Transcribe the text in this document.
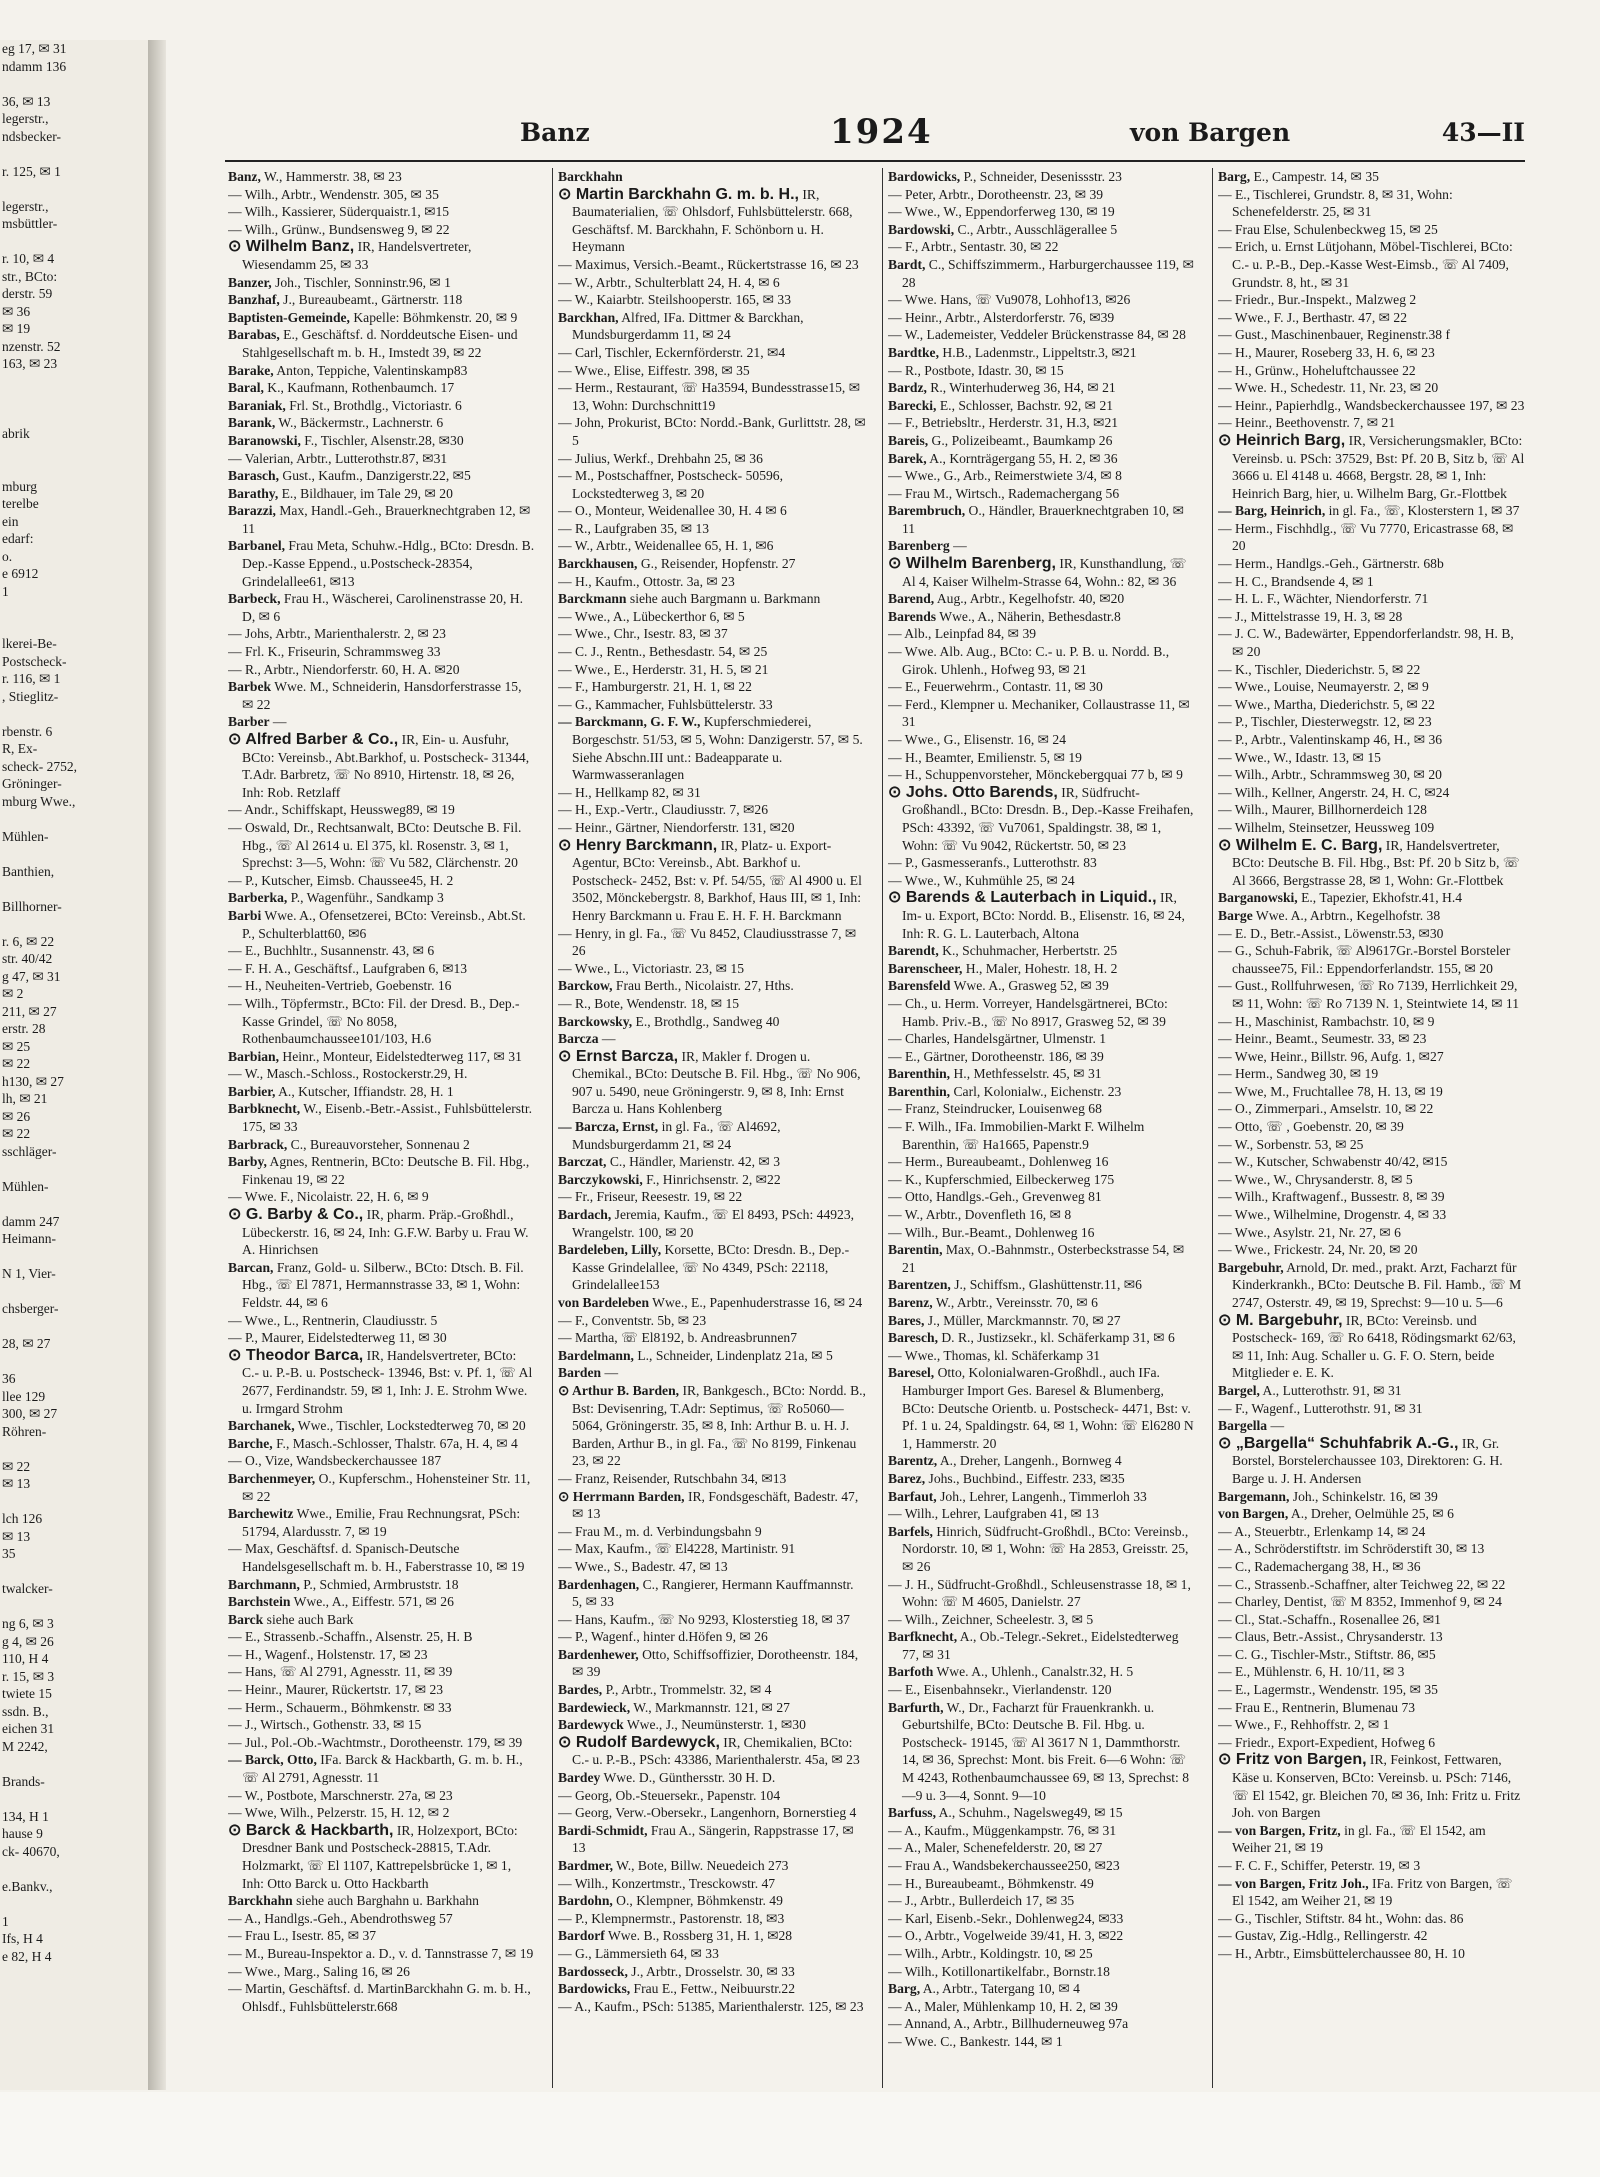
eg 17, ✉ 31
ndamm 136

36, ✉ 13
legerstr.,
ndsbecker-

r. 125, ✉ 1

legerstr.,
msbüttler-

r. 10, ✉ 4
str., BCto:
derstr. 59
✉ 36
✉ 19
nzenstr. 52
163, ✉ 23

abrik

mburg
terelbe
ein
edarf:
o.
e 6912
1

lkerei-Be-
Postscheck-
r. 116, ✉ 1
, Stieglitz-

rbenstr. 6
R, Ex-
scheck- 2752,
Gröninger-
mburg Wwe.,

Mühlen-

Banthien,

Billhorner-

r. 6, ✉ 22
str. 40/42
g 47, ✉ 31
✉ 2
211, ✉ 27
erstr. 28
✉ 25
✉ 22
h130, ✉ 27
lh, ✉ 21
✉ 26
✉ 22
sschläger-

Mühlen-

damm 247
Heimann-

N 1, Vier-

chsberger-

28, ✉ 27

36
llee 129
300, ✉ 27
Röhren-

✉ 22
✉ 13

lch 126
✉ 13
35

twalcker-

ng 6, ✉ 3
g 4, ✉ 26
110, H 4
r. 15, ✉ 3
twiete 15
ssdn. B.,
eichen 31
M 2242,

Brands-

134, H 1
hause 9
ck- 40670,

e.Bankv.,

1
Ifs, H 4
e 82, H 4
Banz	1924	von Bargen	43—II

Banz, W., Hammerstr. 38, ✉ 23

— Wilh., Arbtr., Wendenstr. 305, ✉ 35

— Wilh., Kassierer, Süderquaistr.1, ✉15

— Wilh., Grünw., Bundsensweg 9, ✉ 22

⊙ Wilhelm Banz, IR, Handelsvertreter, Wiesendamm 25, ✉ 33

Banzer, Joh., Tischler, Sonninstr.96, ✉ 1

Banzhaf, J., Bureaubeamt., Gärtnerstr. 118

Baptisten-Gemeinde, Kapelle: Böhmkenstr. 20, ✉ 9

Barabas, E., Geschäftsf. d. Norddeutsche Eisen- und Stahlgesellschaft m. b. H., Imstedt 39, ✉ 22

Barake, Anton, Teppiche, Valentinskamp83

Baral, K., Kaufmann, Rothenbaumch. 17

Baraniak, Frl. St., Brothdlg., Victoriastr. 6

Barank, W., Bäckermstr., Lachnerstr. 6

Baranowski, F., Tischler, Alsenstr.28, ✉30

— Valerian, Arbtr., Lutterothstr.87, ✉31

Barasch, Gust., Kaufm., Danzigerstr.22, ✉5

Barathy, E., Bildhauer, im Tale 29, ✉ 20

Barazzi, Max, Handl.-Geh., Brauerknechtgraben 12, ✉ 11

Barbanel, Frau Meta, Schuhw.-Hdlg., BCto: Dresdn. B. Dep.-Kasse Eppend., u.Postscheck-28354, Grindelallee61, ✉13

Barbeck, Frau H., Wäscherei, Carolinenstrasse 20, H. D, ✉ 6

— Johs, Arbtr., Marienthalerstr. 2, ✉ 23

— Frl. K., Friseurin, Schrammsweg 33

— R., Arbtr., Niendorferstr. 60, H. A. ✉20

Barbek Wwe. M., Schneiderin, Hansdorferstrasse 15, ✉ 22

Barber —

⊙ Alfred Barber & Co., IR, Ein- u. Ausfuhr, BCto: Vereinsb., Abt.Barkhof, u. Postscheck- 31344, T.Adr. Barbretz, ☏ No 8910, Hirtenstr. 18, ✉ 26, Inh: Rob. Retzlaff

— Andr., Schiffskapt, Heussweg89, ✉ 19

— Oswald, Dr., Rechtsanwalt, BCto: Deutsche B. Fil. Hbg., ☏ Al 2614 u. El 375, kl. Rosenstr. 3, ✉ 1, Sprechst: 3—5, Wohn: ☏ Vu 582, Clärchenstr. 20

— P., Kutscher, Eimsb. Chaussee45, H. 2

Barberka, P., Wagenführ., Sandkamp 3

Barbi Wwe. A., Ofensetzerei, BCto: Vereinsb., Abt.St. P., Schulterblatt60, ✉6

— E., Buchhltr., Susannenstr. 43, ✉ 6

— F. H. A., Geschäftsf., Laufgraben 6, ✉13

— H., Neuheiten-Vertrieb, Goebenstr. 16

— Wilh., Töpfermstr., BCto: Fil. der Dresd. B., Dep.-Kasse Grindel, ☏ No 8058, Rothenbaumchaussee101/103, H.6

Barbian, Heinr., Monteur, Eidelstedterweg 117, ✉ 31

— W., Masch.-Schloss., Rostockerstr.29, H.

Barbier, A., Kutscher, Iffiandstr. 28, H. 1

Barbknecht, W., Eisenb.-Betr.-Assist., Fuhlsbüttelerstr. 175, ✉ 33

Barbrack, C., Bureauvorsteher, Sonnenau 2

Barby, Agnes, Rentnerin, BCto: Deutsche B. Fil. Hbg., Finkenau 19, ✉ 22

— Wwe. F., Nicolaistr. 22, H. 6, ✉ 9

⊙ G. Barby & Co., IR, pharm. Präp.-Großhdl., Lübeckerstr. 16, ✉ 24, Inh: G.F.W. Barby u. Frau W. A. Hinrichsen

Barcan, Franz, Gold- u. Silberw., BCto: Dtsch. B. Fil. Hbg., ☏ El 7871, Hermannstrasse 33, ✉ 1, Wohn: Feldstr. 44, ✉ 6

— Wwe., L., Rentnerin, Claudiusstr. 5

— P., Maurer, Eidelstedterweg 11, ✉ 30

⊙ Theodor Barca, IR, Handelsvertreter, BCto: C.- u. P.-B. u. Postscheck- 13946, Bst: v. Pf. 1, ☏ Al 2677, Ferdinandstr. 59, ✉ 1, Inh: J. E. Strohm Wwe. u. Irmgard Strohm

Barchanek, Wwe., Tischler, Lockstedterweg 70, ✉ 20

Barche, F., Masch.-Schlosser, Thalstr. 67a, H. 4, ✉ 4

— O., Vize, Wandsbeckerchaussee 187

Barchenmeyer, O., Kupferschm., Hohensteiner Str. 11, ✉ 22

Barchewitz Wwe., Emilie, Frau Rechnungsrat, PSch: 51794, Alardusstr. 7, ✉ 19

— Max, Geschäftsf. d. Spanisch-Deutsche Handelsgesellschaft m. b. H., Faberstrasse 10, ✉ 19

Barchmann, P., Schmied, Armbruststr. 18

Barchstein Wwe., A., Eiffestr. 571, ✉ 26

Barck siehe auch Bark

— E., Strassenb.-Schaffn., Alsenstr. 25, H. B

— H., Wagenf., Holstenstr. 17, ✉ 23

— Hans, ☏ Al 2791, Agnesstr. 11, ✉ 39

— Heinr., Maurer, Rückertstr. 17, ✉ 23

— Herm., Schauerm., Böhmkenstr. ✉ 33

— J., Wirtsch., Gothenstr. 33, ✉ 15

— Jul., Pol.-Ob.-Wachtmstr., Dorotheenstr. 179, ✉ 39

— Barck, Otto, IFa. Barck & Hackbarth, G. m. b. H., ☏ Al 2791, Agnesstr. 11

— W., Postbote, Marschnerstr. 27a, ✉ 23

— Wwe, Wilh., Pelzerstr. 15, H. 12, ✉ 2

⊙ Barck & Hackbarth, IR, Holzexport, BCto: Dresdner Bank und Postscheck-28815, T.Adr. Holzmarkt, ☏ El 1107, Kattrepelsbrücke 1, ✉ 1, Inh: Otto Barck u. Otto Hackbarth

Barckhahn siehe auch Barghahn u. Barkhahn

— A., Handlgs.-Geh., Abendrothsweg 57

— Frau L., Isestr. 85, ✉ 37

— M., Bureau-Inspektor a. D., v. d. Tannstrasse 7, ✉ 19

— Wwe., Marg., Saling 16, ✉ 26

— Martin, Geschäftsf. d. MartinBarckhahn G. m. b. H., Ohlsdf., Fuhlsbüttelerstr.668

Barckhahn

⊙ Martin Barckhahn G. m. b. H., IR, Baumaterialien, ☏ Ohlsdorf, Fuhlsbüttelerstr. 668, Geschäftsf. M. Barckhahn, F. Schönborn u. H. Heymann

— Maximus, Versich.-Beamt., Rückertstrasse 16, ✉ 23

— W., Arbtr., Schulterblatt 24, H. 4, ✉ 6

— W., Kaiarbtr. Steilshooperstr. 165, ✉ 33

Barckhan, Alfred, IFa. Dittmer & Barckhan, Mundsburgerdamm 11, ✉ 24

— Carl, Tischler, Eckernförderstr. 21, ✉4

— Wwe., Elise, Eiffestr. 398, ✉ 35

— Herm., Restaurant, ☏ Ha3594, Bundesstrasse15, ✉13, Wohn: Durchschnitt19

— John, Prokurist, BCto: Nordd.-Bank, Gurlittstr. 28, ✉ 5

— Julius, Werkf., Drehbahn 25, ✉ 36

— M., Postschaffner, Postscheck- 50596, Lockstedterweg 3, ✉ 20

— O., Monteur, Weidenallee 30, H. 4 ✉ 6

— R., Laufgraben 35, ✉ 13

— W., Arbtr., Weidenallee 65, H. 1, ✉6

Barckhausen, G., Reisender, Hopfenstr. 27

— H., Kaufm., Ottostr. 3a, ✉ 23

Barckmann siehe auch Bargmann u. Barkmann

— Wwe., A., Lübeckerthor 6, ✉ 5

— Wwe., Chr., Isestr. 83, ✉ 37

— C. J., Rentn., Bethesdastr. 54, ✉ 25

— Wwe., E., Herderstr. 31, H. 5, ✉ 21

— F., Hamburgerstr. 21, H. 1, ✉ 22

— G., Kammacher, Fuhlsbüttelerstr. 33

— Barckmann, G. F. W., Kupferschmiederei, Borgeschstr. 51/53, ✉ 5, Wohn: Danzigerstr. 57, ✉ 5. Siehe Abschn.III unt.: Badeapparate u. Warmwasseranlagen

— H., Hellkamp 82, ✉ 31

— H., Exp.-Vertr., Claudiusstr. 7, ✉26

— Heinr., Gärtner, Niendorferstr. 131, ✉20

⊙ Henry Barckmann, IR, Platz- u. Export-Agentur, BCto: Vereinsb., Abt. Barkhof u. Postscheck- 2452, Bst: v. Pf. 54/55, ☏ Al 4900 u. El 3502, Mönckebergstr. 8, Barkhof, Haus III, ✉ 1, Inh: Henry Barckmann u. Frau E. H. F. H. Barckmann

— Henry, in gl. Fa., ☏ Vu 8452, Claudiusstrasse 7, ✉ 26

— Wwe., L., Victoriastr. 23, ✉ 15

Barckow, Frau Berth., Nicolaistr. 27, Hths.

— R., Bote, Wendenstr. 18, ✉ 15

Barckowsky, E., Brothdlg., Sandweg 40

Barcza —

⊙ Ernst Barcza, IR, Makler f. Drogen u. Chemikal., BCto: Deutsche B. Fil. Hbg., ☏ No 906, 907 u. 5490, neue Gröningerstr. 9, ✉ 8, Inh: Ernst Barcza u. Hans Kohlenberg

— Barcza, Ernst, in gl. Fa., ☏ Al4692, Mundsburgerdamm 21, ✉ 24

Barczat, C., Händler, Marienstr. 42, ✉ 3

Barczykowski, F., Hinrichsenstr. 2, ✉22

— Fr., Friseur, Reesestr. 19, ✉ 22

Bardach, Jeremia, Kaufm., ☏ El 8493, PSch: 44923, Wrangelstr. 100, ✉ 20

Bardeleben, Lilly, Korsette, BCto: Dresdn. B., Dep.-Kasse Grindelallee, ☏ No 4349, PSch: 22118, Grindelallee153

von Bardeleben Wwe., E., Papenhuderstrasse 16, ✉ 24

— F., Conventstr. 5b, ✉ 23

— Martha, ☏ El8192, b. Andreasbrunnen7

Bardelmann, L., Schneider, Lindenplatz 21a, ✉ 5

Barden —

⊙ Arthur B. Barden, IR, Bankgesch., BCto: Nordd. B., Bst: Devisenring, T.Adr: Septimus, ☏ Ro5060—5064, Gröningerstr. 35, ✉ 8, Inh: Arthur B. u. H. J. Barden, Arthur B., in gl. Fa., ☏ No 8199, Finkenau 23, ✉ 22

— Franz, Reisender, Rutschbahn 34, ✉13

⊙ Herrmann Barden, IR, Fondsgeschäft, Badestr. 47, ✉ 13

— Frau M., m. d. Verbindungsbahn 9

— Max, Kaufm., ☏ El4228, Martinistr. 91

— Wwe., S., Badestr. 47, ✉ 13

Bardenhagen, C., Rangierer, Hermann Kauffmannstr. 5, ✉ 33

— Hans, Kaufm., ☏ No 9293, Klosterstieg 18, ✉ 37

— P., Wagenf., hinter d.Höfen 9, ✉ 26

Bardenhewer, Otto, Schiffsoffizier, Dorotheenstr. 184, ✉ 39

Bardes, P., Arbtr., Trommelstr. 32, ✉ 4

Bardewieck, W., Markmannstr. 121, ✉ 27

Bardewyck Wwe., J., Neumünsterstr. 1, ✉30

⊙ Rudolf Bardewyck, IR, Chemikalien, BCto: C.- u. P.-B., PSch: 43386, Marienthalerstr. 45a, ✉ 23

Bardey Wwe. D., Günthersstr. 30 H. D.

— Georg, Ob.-Steuersekr., Papenstr. 104

— Georg, Verw.-Obersekr., Langenhorn, Bornerstieg 4

Bardi-Schmidt, Frau A., Sängerin, Rappstrasse 17, ✉ 13

Bardmer, W., Bote, Billw. Neuedeich 273

— Wilh., Konzertmstr., Tresckowstr. 47

Bardohn, O., Klempner, Böhmkenstr. 49

— P., Klempnermstr., Pastorenstr. 18, ✉3

Bardorf Wwe. B., Rossberg 31, H. 1, ✉28

— G., Lämmersieth 64, ✉ 33

Bardosseck, J., Arbtr., Drosselstr. 30, ✉ 33

Bardowicks, Frau E., Fettw., Neibuurstr.22

— A., Kaufm., PSch: 51385, Marienthalerstr. 125, ✉ 23

Bardowicks, P., Schneider, Desenissstr. 23

— Peter, Arbtr., Dorotheenstr. 23, ✉ 39

— Wwe., W., Eppendorferweg 130, ✉ 19

Bardowski, C., Arbtr., Ausschlägerallee 5

— F., Arbtr., Sentastr. 30, ✉ 22

Bardt, C., Schiffszimmerm., Harburgerchaussee 119, ✉ 28

— Wwe. Hans, ☏ Vu9078, Lohhof13, ✉26

— Heinr., Arbtr., Alsterdorferstr. 76, ✉39

— W., Lademeister, Veddeler Brückenstrasse 84, ✉ 28

Bardtke, H.B., Ladenmstr., Lippeltstr.3, ✉21

— R., Postbote, Idastr. 30, ✉ 15

Bardz, R., Winterhuderweg 36, H4, ✉ 21

Barecki, E., Schlosser, Bachstr. 92, ✉ 21

— F., Betriebsltr., Herderstr. 31, H.3, ✉21

Bareis, G., Polizeibeamt., Baumkamp 26

Barek, A., Kornträgergang 55, H. 2, ✉ 36

— Wwe., G., Arb., Reimerstwiete 3/4, ✉ 8

— Frau M., Wirtsch., Rademachergang 56

Barembruch, O., Händler, Brauerknechtgraben 10, ✉ 11

Barenberg —

⊙ Wilhelm Barenberg, IR, Kunsthandlung, ☏ Al 4, Kaiser Wilhelm-Strasse 64, Wohn.: 82, ✉ 36

Barend, Aug., Arbtr., Kegelhofstr. 40, ✉20

Barends Wwe., A., Näherin, Bethesdastr.8

— Alb., Leinpfad 84, ✉ 39

— Wwe. Alb. Aug., BCto: C.- u. P. B. u. Nordd. B., Girok. Uhlenh., Hofweg 93, ✉ 21

— E., Feuerwehrm., Contastr. 11, ✉ 30

— Ferd., Klempner u. Mechaniker, Collaustrasse 11, ✉ 31

— Wwe., G., Elisenstr. 16, ✉ 24

— H., Beamter, Emilienstr. 5, ✉ 19

— H., Schuppenvorsteher, Mönckebergquai 77 b, ✉ 9

⊙ Johs. Otto Barends, IR, Südfrucht-Großhandl., BCto: Dresdn. B., Dep.-Kasse Freihafen, PSch: 43392, ☏ Vu7061, Spaldingstr. 38, ✉ 1, Wohn: ☏ Vu 9042, Rückertstr. 50, ✉ 23

— P., Gasmesseranfs., Lutterothstr. 83

— Wwe., W., Kuhmühle 25, ✉ 24

⊙ Barends & Lauterbach in Liquid., IR, Im- u. Export, BCto: Nordd. B., Elisenstr. 16, ✉ 24, Inh: R. G. L. Lauterbach, Altona

Barendt, K., Schuhmacher, Herbertstr. 25

Barenscheer, H., Maler, Hohestr. 18, H. 2

Barensfeld Wwe. A., Grasweg 52, ✉ 39

— Ch., u. Herm. Vorreyer, Handelsgärtnerei, BCto: Hamb. Priv.-B., ☏ No 8917, Grasweg 52, ✉ 39

— Charles, Handelsgärtner, Ulmenstr. 1

— E., Gärtner, Dorotheenstr. 186, ✉ 39

Barenthin, H., Methfesselstr. 45, ✉ 31

Barenthin, Carl, Kolonialw., Eichenstr. 23

— Franz, Steindrucker, Louisenweg 68

— F. Wilh., IFa. Immobilien-Markt F. Wilhelm Barenthin, ☏ Ha1665, Papenstr.9

— Herm., Bureaubeamt., Dohlenweg 16

— K., Kupferschmied, Eilbeckerweg 175

— Otto, Handlgs.-Geh., Grevenweg 81

— W., Arbtr., Dovenfleth 16, ✉ 8

— Wilh., Bur.-Beamt., Dohlenweg 16

Barentin, Max, O.-Bahnmstr., Osterbeckstrasse 54, ✉ 21

Barentzen, J., Schiffsm., Glashüttenstr.11, ✉6

Barenz, W., Arbtr., Vereinsstr. 70, ✉ 6

Bares, J., Müller, Marckmannstr. 70, ✉ 27

Baresch, D. R., Justizsekr., kl. Schäferkamp 31, ✉ 6

— Wwe., Thomas, kl. Schäferkamp 31

Baresel, Otto, Kolonialwaren-Großhdl., auch IFa. Hamburger Import Ges. Baresel & Blumenberg, BCto: Deutsche Orientb. u. Postscheck- 4471, Bst: v. Pf. 1 u. 24, Spaldingstr. 64, ✉ 1, Wohn: ☏ El6280 N 1, Hammerstr. 20

Barentz, A., Dreher, Langenh., Bornweg 4

Barez, Johs., Buchbind., Eiffestr. 233, ✉35

Barfaut, Joh., Lehrer, Langenh., Timmerloh 33

— Wilh., Lehrer, Laufgraben 41, ✉ 13

Barfels, Hinrich, Südfrucht-Großhdl., BCto: Vereinsb., Nordorstr. 10, ✉ 1, Wohn: ☏ Ha 2853, Greisstr. 25, ✉ 26

— J. H., Südfrucht-Großhdl., Schleusenstrasse 18, ✉ 1, Wohn: ☏ M 4605, Danielstr. 27

— Wilh., Zeichner, Scheelestr. 3, ✉ 5

Barfknecht, A., Ob.-Telegr.-Sekret., Eidelstedterweg 77, ✉ 31

Barfoth Wwe. A., Uhlenh., Canalstr.32, H. 5

— E., Eisenbahnsekr., Vierlandenstr. 120

Barfurth, W., Dr., Facharzt für Frauenkrankh. u. Geburtshilfe, BCto: Deutsche B. Fil. Hbg. u. Postscheck- 19145, ☏ Al 3617 N 1, Dammthorstr. 14, ✉ 36, Sprechst: Mont. bis Freit. 6—6 Wohn: ☏ M 4243, Rothenbaumchaussee 69, ✉ 13, Sprechst: 8—9 u. 3—4, Sonnt. 9—10

Barfuss, A., Schuhm., Nagelsweg49, ✉ 15

— A., Kaufm., Müggenkampstr. 76, ✉ 31

— A., Maler, Schenefelderstr. 20, ✉ 27

— Frau A., Wandsbekerchaussee250, ✉23

— H., Bureaubeamt., Böhmkenstr. 49

— J., Arbtr., Bullerdeich 17, ✉ 35

— Karl, Eisenb.-Sekr., Dohlenweg24, ✉33

— O., Arbtr., Vogelweide 39/41, H. 3, ✉22

— Wilh., Arbtr., Koldingstr. 10, ✉ 25

— Wilh., Kotillonartikelfabr., Bornstr.18

Barg, A., Arbtr., Tatergang 10, ✉ 4

— A., Maler, Mühlenkamp 10, H. 2, ✉ 39

— Annand, A., Arbtr., Billhuderneuweg 97a

— Wwe. C., Bankestr. 144, ✉ 1

Barg, E., Campestr. 14, ✉ 35

— E., Tischlerei, Grundstr. 8, ✉ 31, Wohn: Schenefelderstr. 25, ✉ 31

— Frau Else, Schulenbeckweg 15, ✉ 25

— Erich, u. Ernst Lütjohann, Möbel-Tischlerei, BCto: C.- u. P.-B., Dep.-Kasse West-Eimsb., ☏ Al 7409, Grundstr. 8, ht., ✉ 31

— Friedr., Bur.-Inspekt., Malzweg 2

— Wwe., F. J., Berthastr. 47, ✉ 22

— Gust., Maschinenbauer, Reginenstr.38 f

— H., Maurer, Roseberg 33, H. 6, ✉ 23

— H., Grünw., Hoheluftchaussee 22

— Wwe. H., Schedestr. 11, Nr. 23, ✉ 20

— Heinr., Papierhdlg., Wandsbeckerchaussee 197, ✉ 23

— Heinr., Beethovenstr. 7, ✉ 21

⊙ Heinrich Barg, IR, Versicherungsmakler, BCto: Vereinsb. u. PSch: 37529, Bst: Pf. 20 B, Sitz b, ☏ Al 3666 u. El 4148 u. 4668, Bergstr. 28, ✉ 1, Inh: Heinrich Barg, hier, u. Wilhelm Barg, Gr.-Flottbek

— Barg, Heinrich, in gl. Fa., ☏, Klosterstern 1, ✉ 37

— Herm., Fischhdlg., ☏ Vu 7770, Ericastrasse 68, ✉ 20

— Herm., Handlgs.-Geh., Gärtnerstr. 68b

— H. C., Brandsende 4, ✉ 1

— H. L. F., Wächter, Niendorferstr. 71

— J., Mittelstrasse 19, H. 3, ✉ 28

— J. C. W., Badewärter, Eppendorferlandstr. 98, H. B, ✉ 20

— K., Tischler, Diederichstr. 5, ✉ 22

— Wwe., Louise, Neumayerstr. 2, ✉ 9

— Wwe., Martha, Diederichstr. 5, ✉ 22

— P., Tischler, Diesterwegstr. 12, ✉ 23

— P., Arbtr., Valentinskamp 46, H., ✉ 36

— Wwe., W., Idastr. 13, ✉ 15

— Wilh., Arbtr., Schrammsweg 30, ✉ 20

— Wilh., Kellner, Angerstr. 24, H. C, ✉24

— Wilh., Maurer, Billhornerdeich 128

— Wilhelm, Steinsetzer, Heussweg 109

⊙ Wilhelm E. C. Barg, IR, Handelsvertreter, BCto: Deutsche B. Fil. Hbg., Bst: Pf. 20 b Sitz b, ☏ Al 3666, Bergstrasse 28, ✉ 1, Wohn: Gr.-Flottbek

Barganowski, E., Tapezier, Ekhofstr.41, H.4

Barge Wwe. A., Arbtrn., Kegelhofstr. 38

— E. D., Betr.-Assist., Löwenstr.53, ✉30

— G., Schuh-Fabrik, ☏ Al9617Gr.-Borstel Borsteler chaussee75, Fil.: Eppendorferlandstr. 155, ✉ 20

— Gust., Rollfuhrwesen, ☏ Ro 7139, Herrlichkeit 29, ✉ 11, Wohn: ☏ Ro 7139 N. 1, Steintwiete 14, ✉ 11

— H., Maschinist, Rambachstr. 10, ✉ 9

— Heinr., Beamt., Seumestr. 33, ✉ 23

— Wwe, Heinr., Billstr. 96, Aufg. 1, ✉27

— Herm., Sandweg 30, ✉ 19

— Wwe, M., Fruchtallee 78, H. 13, ✉ 19

— O., Zimmerpari., Amselstr. 10, ✉ 22

— Otto, ☏ , Goebenstr. 20, ✉ 39

— W., Sorbenstr. 53, ✉ 25

— W., Kutscher, Schwabenstr 40/42, ✉15

— Wwe., W., Chrysanderstr. 8, ✉ 5

— Wilh., Kraftwagenf., Bussestr. 8, ✉ 39

— Wwe., Wilhelmine, Drogenstr. 4, ✉ 33

— Wwe., Asylstr. 21, Nr. 27, ✉ 6

— Wwe., Frickestr. 24, Nr. 20, ✉ 20

Bargebuhr, Arnold, Dr. med., prakt. Arzt, Facharzt für Kinderkrankh., BCto: Deutsche B. Fil. Hamb., ☏ M 2747, Osterstr. 49, ✉ 19, Sprechst: 9—10 u. 5—6

⊙ M. Bargebuhr, IR, BCto: Vereinsb. und Postscheck- 169, ☏ Ro 6418, Rödingsmarkt 62/63, ✉ 11, Inh: Aug. Schaller u. G. F. O. Stern, beide Mitglieder e. E. K.

Bargel, A., Lutterothstr. 91, ✉ 31

— F., Wagenf., Lutterothstr. 91, ✉ 31

Bargella —

⊙ „Bargella“ Schuhfabrik A.-G., IR, Gr. Borstel, Borstelerchaussee 103, Direktoren: G. H. Barge u. J. H. Andersen

Bargemann, Joh., Schinkelstr. 16, ✉ 39

von Bargen, A., Dreher, Oelmühle 25, ✉ 6

— A., Steuerbtr., Erlenkamp 14, ✉ 24

— A., Schröderstiftstr. im Schröderstift 30, ✉ 13

— C., Rademachergang 38, H., ✉ 36

— C., Strassenb.-Schaffner, alter Teichweg 22, ✉ 22

— Charley, Dentist, ☏ M 8352, Immenhof 9, ✉ 24

— Cl., Stat.-Schaffn., Rosenallee 26, ✉1

— Claus, Betr.-Assist., Chrysanderstr. 13

— C. G., Tischler-Mstr., Stiftstr. 86, ✉5

— E., Mühlenstr. 6, H. 10/11, ✉ 3

— E., Lagermstr., Wendenstr. 195, ✉ 35

— Frau E., Rentnerin, Blumenau 73

— Wwe., F., Rehhoffstr. 2, ✉ 1

— Friedr., Export-Expedient, Hofweg 6

⊙ Fritz von Bargen, IR, Feinkost, Fettwaren, Käse u. Konserven, BCto: Vereinsb. u. PSch: 7146, ☏ El 1542, gr. Bleichen 70, ✉ 36, Inh: Fritz u. Fritz Joh. von Bargen

— von Bargen, Fritz, in gl. Fa., ☏ El 1542, am Weiher 21, ✉ 19

— F. C. F., Schiffer, Peterstr. 19, ✉ 3

— von Bargen, Fritz Joh., IFa. Fritz von Bargen, ☏ El 1542, am Weiher 21, ✉ 19

— G., Tischler, Stiftstr. 84 ht., Wohn: das. 86

— Gustav, Zig.-Hdlg., Rellingerstr. 42

— H., Arbtr., Eimsbüttelerchaussee 80, H. 10
